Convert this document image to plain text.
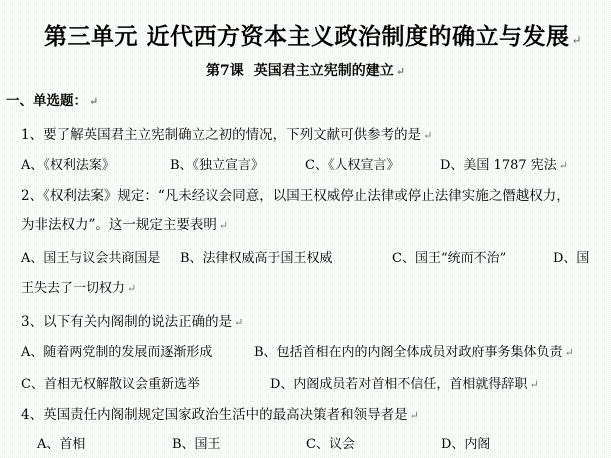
第三单元 近代西方资本主义政治制度的确立与发展 ↵
第7课 英国君主立宪制的建立 ↵
一、单选题： ↵
1、要了解英国君主立宪制确立之初的情况，下列文献可供参考的是 ↵
A、《权利法案》	B、《独立宣言》	C、《人权宣言》	D、美国 1787 宪法 ↵
2、《权利法案》规定：“凡未经议会同意，以国王权威停止法律或停止法律实施之僭越权力，
为非法权力”。这一规定主要表明 ↵
A、国王与议会共商国是 B、法律权威高于国王权威	C、国王“统而不治”	D、国
王失去了一切权力 ↵
3、以下有关内阁制的说法正确的是 ↵
A、随着两党制的发展而逐渐形成	B、包括首相在内的内阁全体成员对政府事务集体负责 ↵
C、首相无权解散议会重新选举	D、内阁成员若对首相不信任，首相就得辞职 ↵
4、英国责任内阁制规定国家政治生活中的最高决策者和领导者是 ↵
A、首相	B、国王	C、议会	D、内阁
